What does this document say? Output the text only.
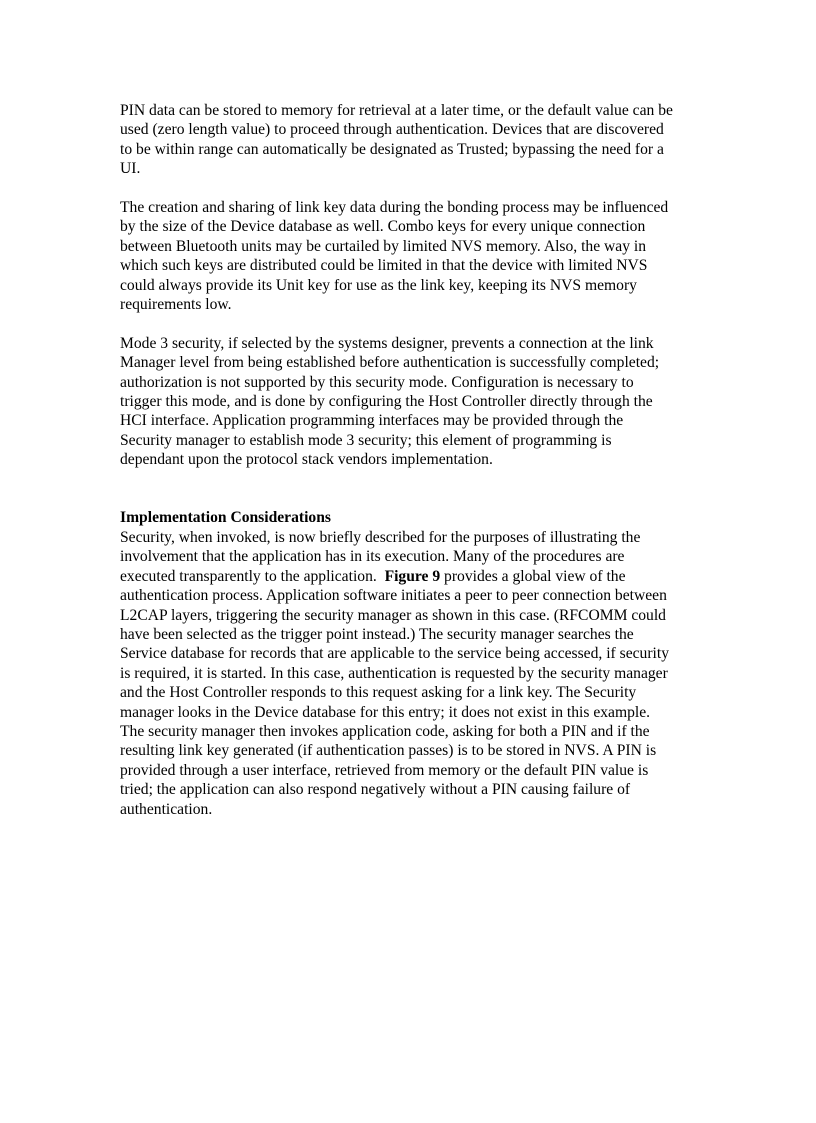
PIN data can be stored to memory for retrieval at a later time, or the default value can be
used (zero length value) to proceed through authentication. Devices that are discovered
to be within range can automatically be designated as Trusted; bypassing the need for a
UI.
The creation and sharing of link key data during the bonding process may be influenced
by the size of the Device database as well. Combo keys for every unique connection
between Bluetooth units may be curtailed by limited NVS memory. Also, the way in
which such keys are distributed could be limited in that the device with limited NVS
could always provide its Unit key for use as the link key, keeping its NVS memory
requirements low.
Mode 3 security, if selected by the systems designer, prevents a connection at the link
Manager level from being established before authentication is successfully completed;
authorization is not supported by this security mode. Configuration is necessary to
trigger this mode, and is done by configuring the Host Controller directly through the
HCI interface. Application programming interfaces may be provided through the
Security manager to establish mode 3 security; this element of programming is
dependant upon the protocol stack vendors implementation.
Implementation Considerations
Security, when invoked, is now briefly described for the purposes of illustrating the
involvement that the application has in its execution. Many of the procedures are
executed transparently to the application.  Figure 9 provides a global view of the
authentication process. Application software initiates a peer to peer connection between
L2CAP layers, triggering the security manager as shown in this case. (RFCOMM could
have been selected as the trigger point instead.) The security manager searches the
Service database for records that are applicable to the service being accessed, if security
is required, it is started. In this case, authentication is requested by the security manager
and the Host Controller responds to this request asking for a link key. The Security
manager looks in the Device database for this entry; it does not exist in this example.
The security manager then invokes application code, asking for both a PIN and if the
resulting link key generated (if authentication passes) is to be stored in NVS. A PIN is
provided through a user interface, retrieved from memory or the default PIN value is
tried; the application can also respond negatively without a PIN causing failure of
authentication.
